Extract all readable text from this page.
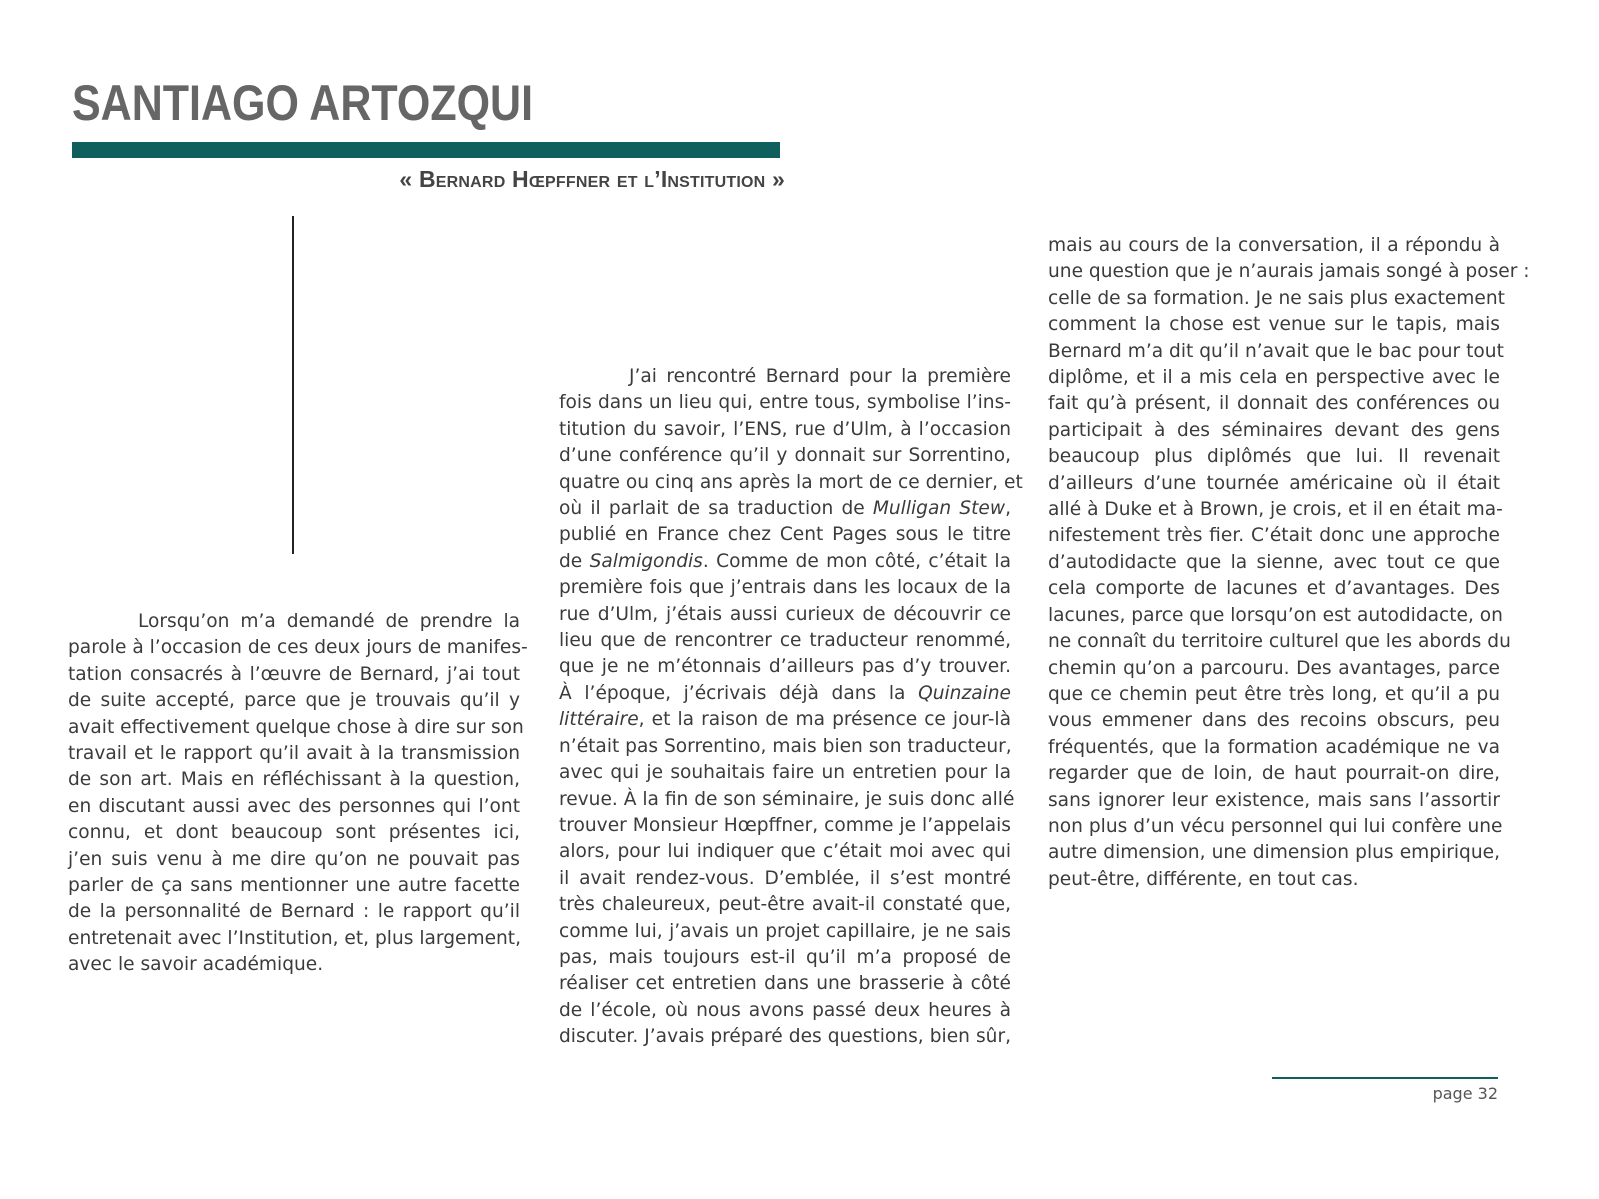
SANTIAGO ARTOZQUI
« Bernard Hœpffner et l’Institution »
Lorsqu’on m’a demandé de prendre la
parole à l’occasion de ces deux jours de manifes-
tation consacrés à l’œuvre de Bernard, j’ai tout
de suite accepté, parce que je trouvais qu’il y
avait effectivement quelque chose à dire sur son
travail et le rapport qu’il avait à la transmission
de son art. Mais en réfléchissant à la question,
en discutant aussi avec des personnes qui l’ont
connu, et dont beaucoup sont présentes ici,
j’en suis venu à me dire qu’on ne pouvait pas
parler de ça sans mentionner une autre facette
de la personnalité de Bernard : le rapport qu’il
entretenait avec l’Institution, et, plus largement,
avec le savoir académique.
J’ai rencontré Bernard pour la première
fois dans un lieu qui, entre tous, symbolise l’ins-
titution du savoir, l’ENS, rue d’Ulm, à l’occasion
d’une conférence qu’il y donnait sur Sorrentino,
quatre ou cinq ans après la mort de ce dernier, et
où il parlait de sa traduction de Mulligan Stew,
publié en France chez Cent Pages sous le titre
de Salmigondis. Comme de mon côté, c’était la
première fois que j’entrais dans les locaux de la
rue d’Ulm, j’étais aussi curieux de découvrir ce
lieu que de rencontrer ce traducteur renommé,
que je ne m’étonnais d’ailleurs pas d’y trouver.
À l’époque, j’écrivais déjà dans la Quinzaine
littéraire, et la raison de ma présence ce jour-là
n’était pas Sorrentino, mais bien son traducteur,
avec qui je souhaitais faire un entretien pour la
revue. À la fin de son séminaire, je suis donc allé
trouver Monsieur Hœpffner, comme je l’appelais
alors, pour lui indiquer que c’était moi avec qui
il avait rendez-vous. D’emblée, il s’est montré
très chaleureux, peut-être avait-il constaté que,
comme lui, j’avais un projet capillaire, je ne sais
pas, mais toujours est-il qu’il m’a proposé de
réaliser cet entretien dans une brasserie à côté
de l’école, où nous avons passé deux heures à
discuter. J’avais préparé des questions, bien sûr,
mais au cours de la conversation, il a répondu à
une question que je n’aurais jamais songé à poser :
celle de sa formation. Je ne sais plus exactement
comment la chose est venue sur le tapis, mais
Bernard m’a dit qu’il n’avait que le bac pour tout
diplôme, et il a mis cela en perspective avec le
fait qu’à présent, il donnait des conférences ou
participait à des séminaires devant des gens
beaucoup plus diplômés que lui. Il revenait
d’ailleurs d’une tournée américaine où il était
allé à Duke et à Brown, je crois, et il en était ma-
nifestement très fier. C’était donc une approche
d’autodidacte que la sienne, avec tout ce que
cela comporte de lacunes et d’avantages. Des
lacunes, parce que lorsqu’on est autodidacte, on
ne connaît du territoire culturel que les abords du
chemin qu’on a parcouru. Des avantages, parce
que ce chemin peut être très long, et qu’il a pu
vous emmener dans des recoins obscurs, peu
fréquentés, que la formation académique ne va
regarder que de loin, de haut pourrait-on dire,
sans ignorer leur existence, mais sans l’assortir
non plus d’un vécu personnel qui lui confère une
autre dimension, une dimension plus empirique,
peut-être, différente, en tout cas.
page 32
